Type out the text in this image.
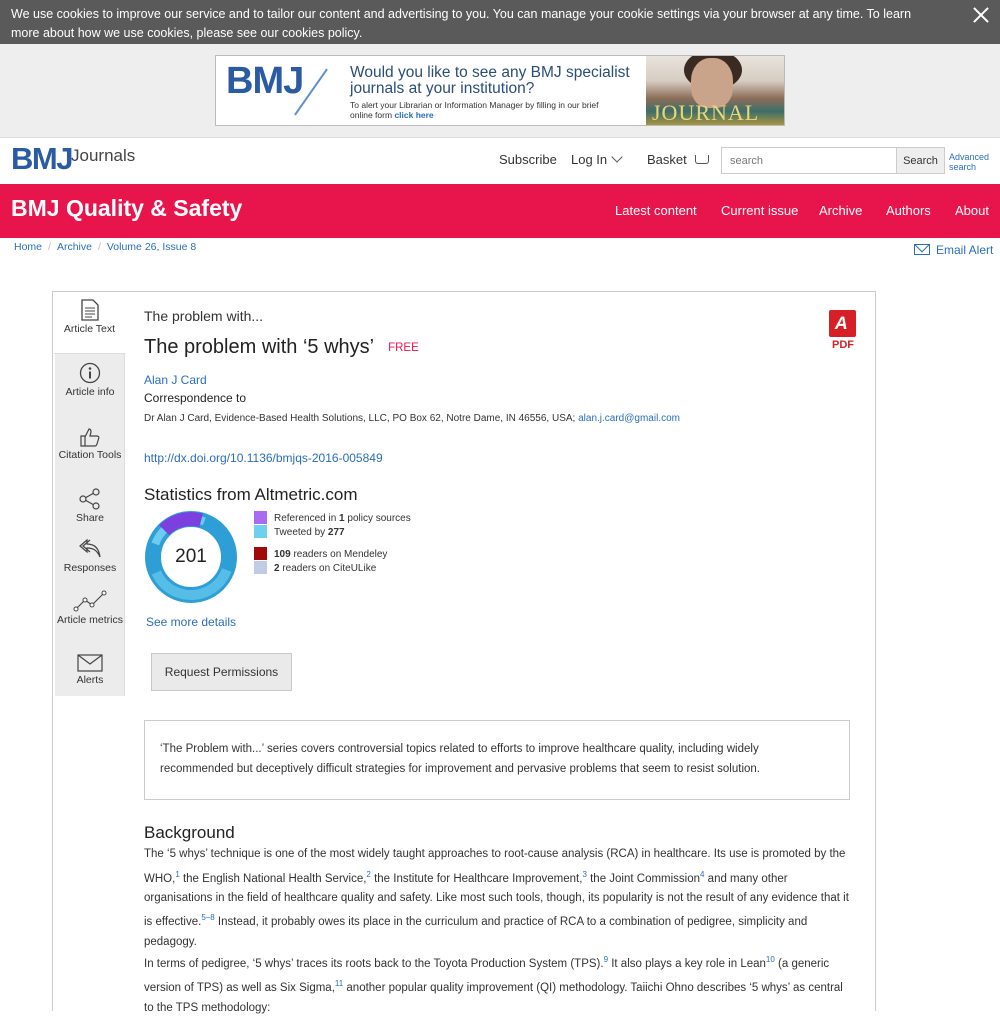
We use cookies to improve our service and to tailor our content and advertising to you. You can manage your cookie settings via your browser at any time. To learn more about how we use cookies, please see our cookies policy.
BMJ	Would you like to see any BMJ specialist journals at your institution?
To alert your Librarian or Information Manager by filling in our brief online form click here	JOURNAL
BMJ Journals	Subscribe Log In	Basket
search	Search	Advanced search
BMJ Quality & Safety	Latest content Current issue Archive Authors About
Home / Archive / Volume 26, Issue 8	Email Alert
Article Text
Article info
Citation Tools
Share
Responses
Article metrics
Alerts
The problem with...
The problem with ‘5 whys’ FREE
A
PDF
Alan J Card
Correspondence to
Dr Alan J Card, Evidence-Based Health Solutions, LLC, PO Box 62, Notre Dame, IN 46556, USA; alan.j.card@gmail.com
http://dx.doi.org/10.1136/bmjqs-2016-005849
Statistics from Altmetric.com
201
Referenced in 1 policy sources
Tweeted by 277
109 readers on Mendeley
2 readers on CiteULike
See more details
Request Permissions
‘The Problem with...’ series covers controversial topics related to efforts to improve healthcare quality, including widely recommended but deceptively difficult strategies for improvement and pervasive problems that seem to resist solution.
Background
The ‘5 whys’ technique is one of the most widely taught approaches to root-cause analysis (RCA) in healthcare. Its use is promoted by the WHO,$^1$ the English National Health Service,$^2$ the Institute for Healthcare Improvement,$^3$ the Joint Commission$^4$ and many other organisations in the field of healthcare quality and safety. Like most such tools, though, its popularity is not the result of any evidence that it is effective.$^{5-8}$ Instead, it probably owes its place in the curriculum and practice of RCA to a combination of pedigree, simplicity and pedagogy.
In terms of pedigree, ‘5 whys’ traces its roots back to the Toyota Production System (TPS).$^9$ It also plays a key role in Lean$^{10}$ (a generic version of TPS) as well as Six Sigma,$^{11}$ another popular quality improvement (QI) methodology. Taiichi Ohno describes ‘5 whys’ as central to the TPS methodology:
